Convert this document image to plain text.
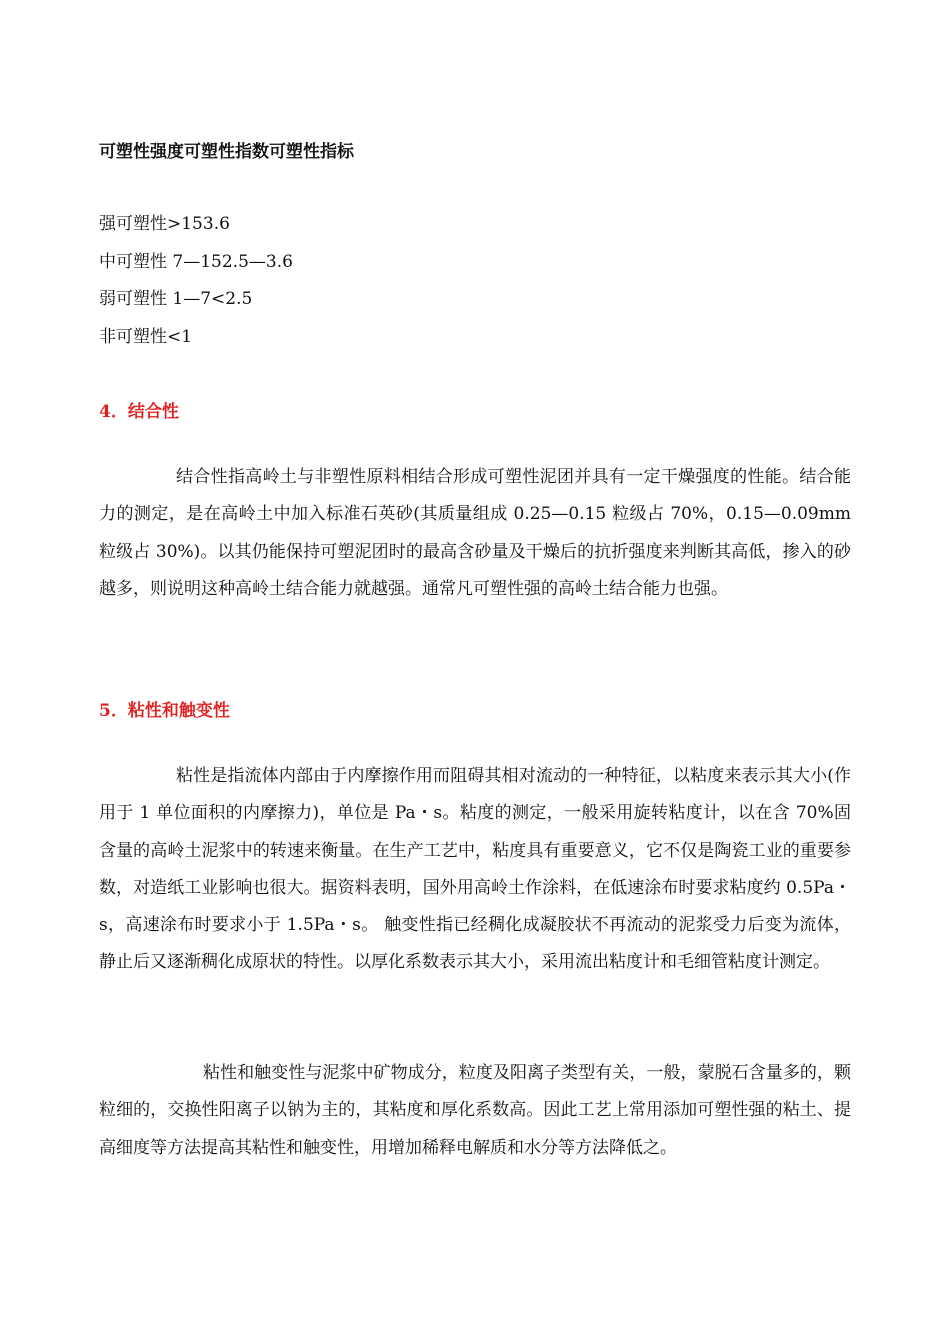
可塑性强度可塑性指数可塑性指标
强可塑性>153.6
中可塑性 7—152.5—3.6
弱可塑性 1—7<2.5
非可塑性<1
4．结合性

结合性指高岭土与非塑性原料相结合形成可塑性泥团并具有一定干燥强度的性能。结合能力的测定，是在高岭土中加入标准石英砂(其质量组成 0.25—0.15 粒级占 70%，0.15—0.09mm 粒级占 30%)。以其仍能保持可塑泥团时的最高含砂量及干燥后的抗折强度来判断其高低，掺入的砂越多，则说明这种高岭土结合能力就越强。通常凡可塑性强的高岭土结合能力也强。

5．粘性和触变性

粘性是指流体内部由于内摩擦作用而阻碍其相对流动的一种特征，以粘度来表示其大小(作用于 1 单位面积的内摩擦力)，单位是 Pa・s。粘度的测定，一般采用旋转粘度计，以在含 70%固含量的高岭土泥浆中的转速来衡量。在生产工艺中，粘度具有重要意义，它不仅是陶瓷工业的重要参数，对造纸工业影响也很大。据资料表明，国外用高岭土作涂料，在低速涂布时要求粘度约 0.5Pa・s，高速涂布时要求小于 1.5Pa・s。 触变性指已经稠化成凝胶状不再流动的泥浆受力后变为流体，静止后又逐渐稠化成原状的特性。以厚化系数表示其大小，采用流出粘度计和毛细管粘度计测定。

粘性和触变性与泥浆中矿物成分，粒度及阳离子类型有关，一般，蒙脱石含量多的，颗粒细的，交换性阳离子以钠为主的，其粘度和厚化系数高。因此工艺上常用添加可塑性强的粘土、提高细度等方法提高其粘性和触变性，用增加稀释电解质和水分等方法降低之。
